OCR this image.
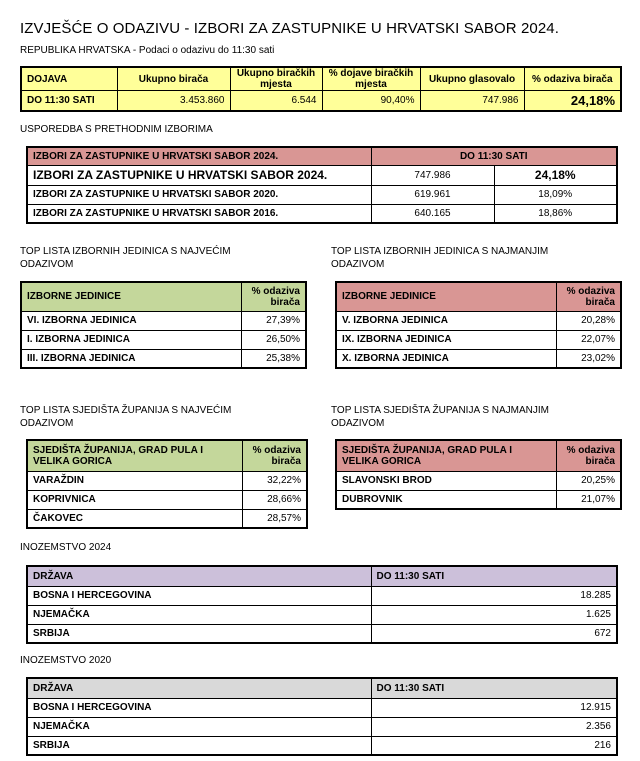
IZVJEŠĆE O ODAZIVU - IZBORI ZA ZASTUPNIKE U HRVATSKI SABOR 2024.
REPUBLIKA HRVATSKA - Podaci o odazivu do 11:30 sati
DOJAVA	Ukupno birača	Ukupno biračkih mjesta	% dojave biračkih mjesta	Ukupno glasovalo	% odaziva birača
DO 11:30 SATI	3.453.860	6.544	90,40%	747.986	24,18%
USPOREDBA S PRETHODNIM IZBORIMA
IZBORI ZA ZASTUPNIKE U HRVATSKI SABOR 2024.	DO 11:30 SATI	
IZBORI ZA ZASTUPNIKE U HRVATSKI SABOR 2024.	747.986	24,18%
IZBORI ZA ZASTUPNIKE U HRVATSKI SABOR 2020.	619.961	18,09%
IZBORI ZA ZASTUPNIKE U HRVATSKI SABOR 2016.	640.165	18,86%
TOP LISTA IZBORNIH JEDINICA S NAJVEĆIM ODAZIVOM
IZBORNE JEDINICE	% odaziva birača
VI. IZBORNA JEDINICA	27,39%
I. IZBORNA JEDINICA	26,50%
III. IZBORNA JEDINICA	25,38%
TOP LISTA IZBORNIH JEDINICA S NAJMANJIM ODAZIVOM
IZBORNE JEDINICE	% odaziva birača
V. IZBORNA JEDINICA	20,28%
IX. IZBORNA JEDINICA	22,07%
X. IZBORNA JEDINICA	23,02%
TOP LISTA SJEDIŠTA ŽUPANIJA S NAJVEĆIM ODAZIVOM
SJEDIŠTA ŽUPANIJA, GRAD PULA I VELIKA GORICA	% odaziva birača
VARAŽDIN	32,22%
KOPRIVNICA	28,66%
ČAKOVEC	28,57%
TOP LISTA SJEDIŠTA ŽUPANIJA S NAJMANJIM ODAZIVOM
SJEDIŠTA ŽUPANIJA, GRAD PULA I VELIKA GORICA	% odaziva birača
SLAVONSKI BROD	20,25%
DUBROVNIK	21,07%
INOZEMSTVO 2024
DRŽAVA	DO 11:30 SATI
BOSNA I HERCEGOVINA	18.285
NJEMAČKA	1.625
SRBIJA	672
INOZEMSTVO 2020
DRŽAVA	DO 11:30 SATI
BOSNA I HERCEGOVINA	12.915
NJEMAČKA	2.356
SRBIJA	216
